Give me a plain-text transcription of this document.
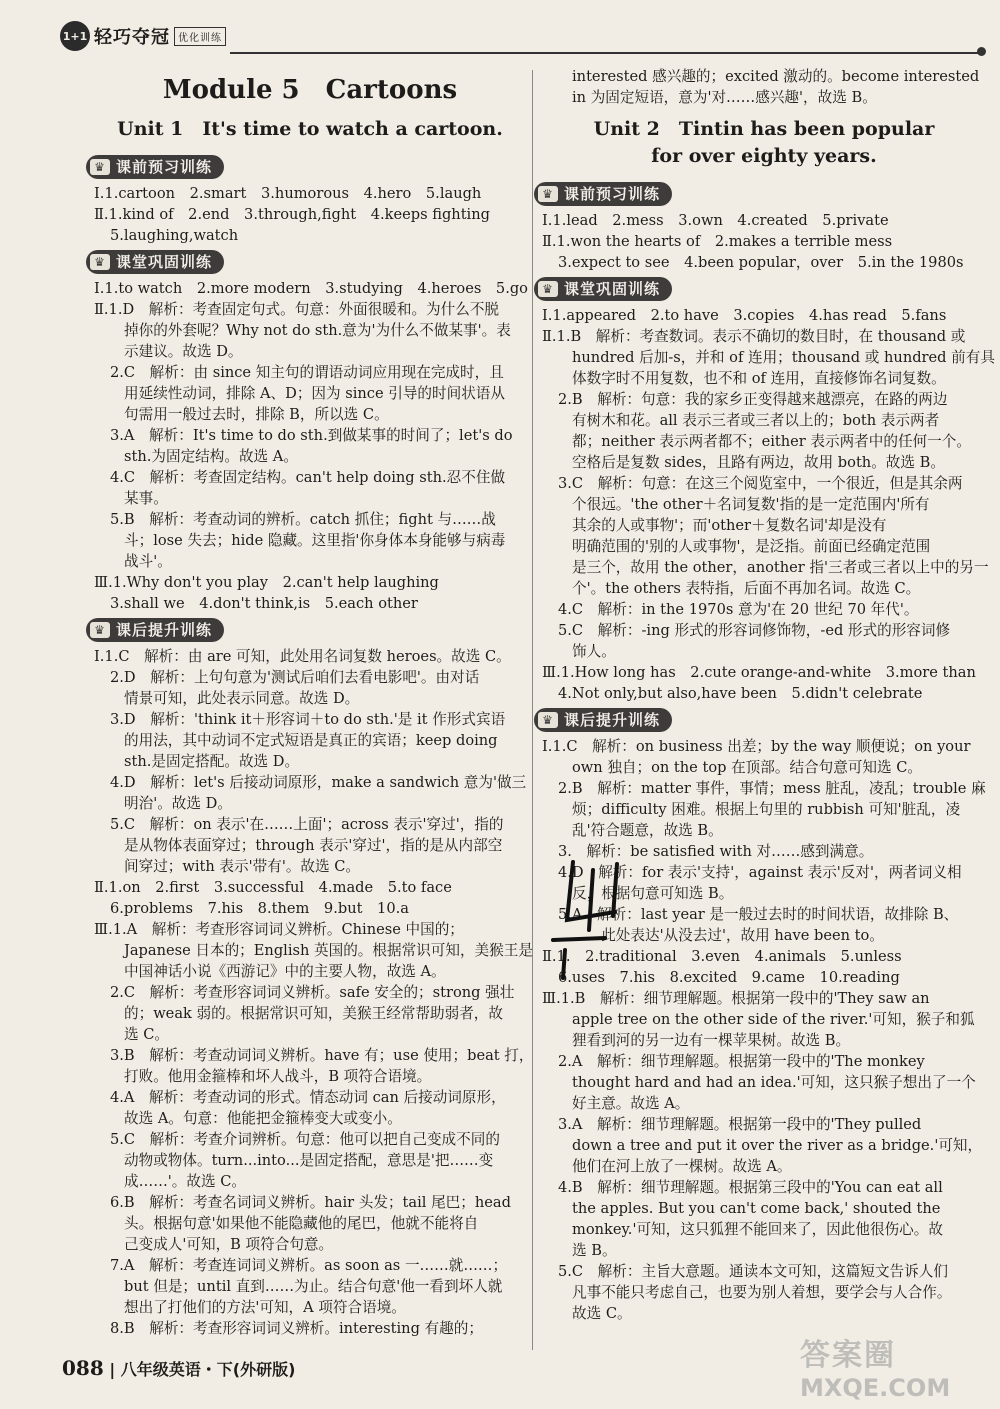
1+1 轻巧夺冠 优化训练
Module 5　Cartoons
Unit 1　It's time to watch a cartoon.
♛ 课前预习训练
Ⅰ.1.cartoon　2.smart　3.humorous　4.hero　5.laugh
Ⅱ.1.kind of　2.end　3.through,fight　4.keeps fighting
5.laughing,watch
♛ 课堂巩固训练
Ⅰ.1.to watch　2.more modern　3.studying　4.heroes　5.go
Ⅱ.1.D　解析：考查固定句式。句意：外面很暖和。为什么不脱
掉你的外套呢？Why not do sth.意为'为什么不做某事'。表
示建议。故选 D。
2.C　解析：由 since 知主句的谓语动词应用现在完成时，且
用延续性动词，排除 A、D；因为 since 引导的时间状语从
句需用一般过去时，排除 B，所以选 C。
3.A　解析：It's time to do sth.到做某事的时间了；let's do
sth.为固定结构。故选 A。
4.C　解析：考查固定结构。can't help doing sth.忍不住做
某事。
5.B　解析：考查动词的辨析。catch 抓住；fight 与……战
斗；lose 失去；hide 隐藏。这里指'你身体本身能够与病毒
战斗'。
Ⅲ.1.Why don't you play　2.can't help laughing
3.shall we　4.don't think,is　5.each other
♛ 课后提升训练
Ⅰ.1.C　解析：由 are 可知，此处用名词复数 heroes。故选 C。
2.D　解析：上句句意为'测试后咱们去看电影吧'。由对话
情景可知，此处表示同意。故选 D。
3.D　解析：'think it＋形容词＋to do sth.'是 it 作形式宾语
的用法，其中动词不定式短语是真正的宾语；keep doing
sth.是固定搭配。故选 D。
4.D　解析：let's 后接动词原形，make a sandwich 意为'做三
明治'。故选 D。
5.C　解析：on 表示'在……上面'；across 表示'穿过'，指的
是从物体表面穿过；through 表示'穿过'，指的是从内部空
间穿过；with 表示'带有'。故选 C。
Ⅱ.1.on　2.first　3.successful　4.made　5.to face
6.problems　7.his　8.them　9.but　10.a
Ⅲ.1.A　解析：考查形容词词义辨析。Chinese 中国的；
Japanese 日本的；English 英国的。根据常识可知，美猴王是
中国神话小说《西游记》中的主要人物，故选 A。
2.C　解析：考查形容词词义辨析。safe 安全的；strong 强壮
的；weak 弱的。根据常识可知，美猴王经常帮助弱者，故
选 C。
3.B　解析：考查动词词义辨析。have 有；use 使用；beat 打，
打败。他用金箍棒和坏人战斗，B 项符合语境。
4.A　解析：考查动词的形式。情态动词 can 后接动词原形，
故选 A。句意：他能把金箍棒变大或变小。
5.C　解析：考查介词辨析。句意：他可以把自己变成不同的
动物或物体。turn...into...是固定搭配，意思是'把……变
成……'。故选 C。
6.B　解析：考查名词词义辨析。hair 头发；tail 尾巴；head
头。根据句意'如果他不能隐藏他的尾巴，他就不能将自
己变成人'可知，B 项符合句意。
7.A　解析：考查连词词义辨析。as soon as 一……就……；
but 但是；until 直到……为止。结合句意'他一看到坏人就
想出了打他们的方法'可知，A 项符合语境。
8.B　解析：考查形容词词义辨析。interesting 有趣的；
interested 感兴趣的；excited 激动的。become interested
in 为固定短语，意为'对……感兴趣'，故选 B。
Unit 2　Tintin has been popular
for over eighty years.
♛ 课前预习训练
Ⅰ.1.lead　2.mess　3.own　4.created　5.private
Ⅱ.1.won the hearts of　2.makes a terrible mess
3.expect to see　4.been popular，over　5.in the 1980s
♛ 课堂巩固训练
Ⅰ.1.appeared　2.to have　3.copies　4.has read　5.fans
Ⅱ.1.B　解析：考查数词。表示不确切的数目时，在 thousand 或
hundred 后加-s，并和 of 连用；thousand 或 hundred 前有具
体数字时不用复数，也不和 of 连用，直接修饰名词复数。
2.B　解析：句意：我的家乡正变得越来越漂亮，在路的两边
有树木和花。all 表示三者或三者以上的；both 表示两者
都；neither 表示两者都不；either 表示两者中的任何一个。
空格后是复数 sides，且路有两边，故用 both。故选 B。
3.C　解析：句意：在这三个阅览室中，一个很近，但是其余两
个很远。'the other＋名词复数'指的是一定范围内'所有
其余的人或事物'；而'other＋复数名词'却是没有
明确范围的'别的人或事物'，是泛指。前面已经确定范围
是三个，故用 the other，another 指'三者或三者以上中的另一
个'。the others 表特指，后面不再加名词。故选 C。
4.C　解析：in the 1970s 意为'在 20 世纪 70 年代'。
5.C　解析：-ing 形式的形容词修饰物，-ed 形式的形容词修
饰人。
Ⅲ.1.How long has　2.cute orange-and-white　3.more than
4.Not only,but also,have been　5.didn't celebrate
♛ 课后提升训练
Ⅰ.1.C　解析：on business 出差；by the way 顺便说；on your
own 独自；on the top 在顶部。结合句意可知选 C。
2.B　解析：matter 事件，事情；mess 脏乱，凌乱；trouble 麻
烦；difficulty 困难。根据上句里的 rubbish 可知'脏乱，凌
乱'符合题意，故选 B。
3.　解析：be satisfied with 对……感到满意。
4.D　解析：for 表示'支持'，against 表示'反对'，两者词义相
反，根据句意可知选 B。
5.A　解析：last year 是一般过去时的时间状语，故排除 B、
　　此处表达'从没去过'，故用 have been to。
Ⅱ.1.　2.traditional　3.even　4.animals　5.unless
6.uses　7.his　8.excited　9.came　10.reading
Ⅲ.1.B　解析：细节理解题。根据第一段中的'They saw an
apple tree on the other side of the river.'可知，猴子和狐
狸看到河的另一边有一棵苹果树。故选 B。
2.A　解析：细节理解题。根据第一段中的'The monkey
thought hard and had an idea.'可知，这只猴子想出了一个
好主意。故选 A。
3.A　解析：细节理解题。根据第一段中的'They pulled
down a tree and put it over the river as a bridge.'可知，
他们在河上放了一棵树。故选 A。
4.B　解析：细节理解题。根据第三段中的'You can eat all
the apples. But you can't come back,' shouted the
monkey.'可知，这只狐狸不能回来了，因此他很伤心。故
选 B。
5.C　解析：主旨大意题。通读本文可知，这篇短文告诉人们
凡事不能只考虑自己，也要为别人着想，要学会与人合作。
故选 C。
088 | 八年级英语・下(外研版)	答案圈
MXQE.COM
